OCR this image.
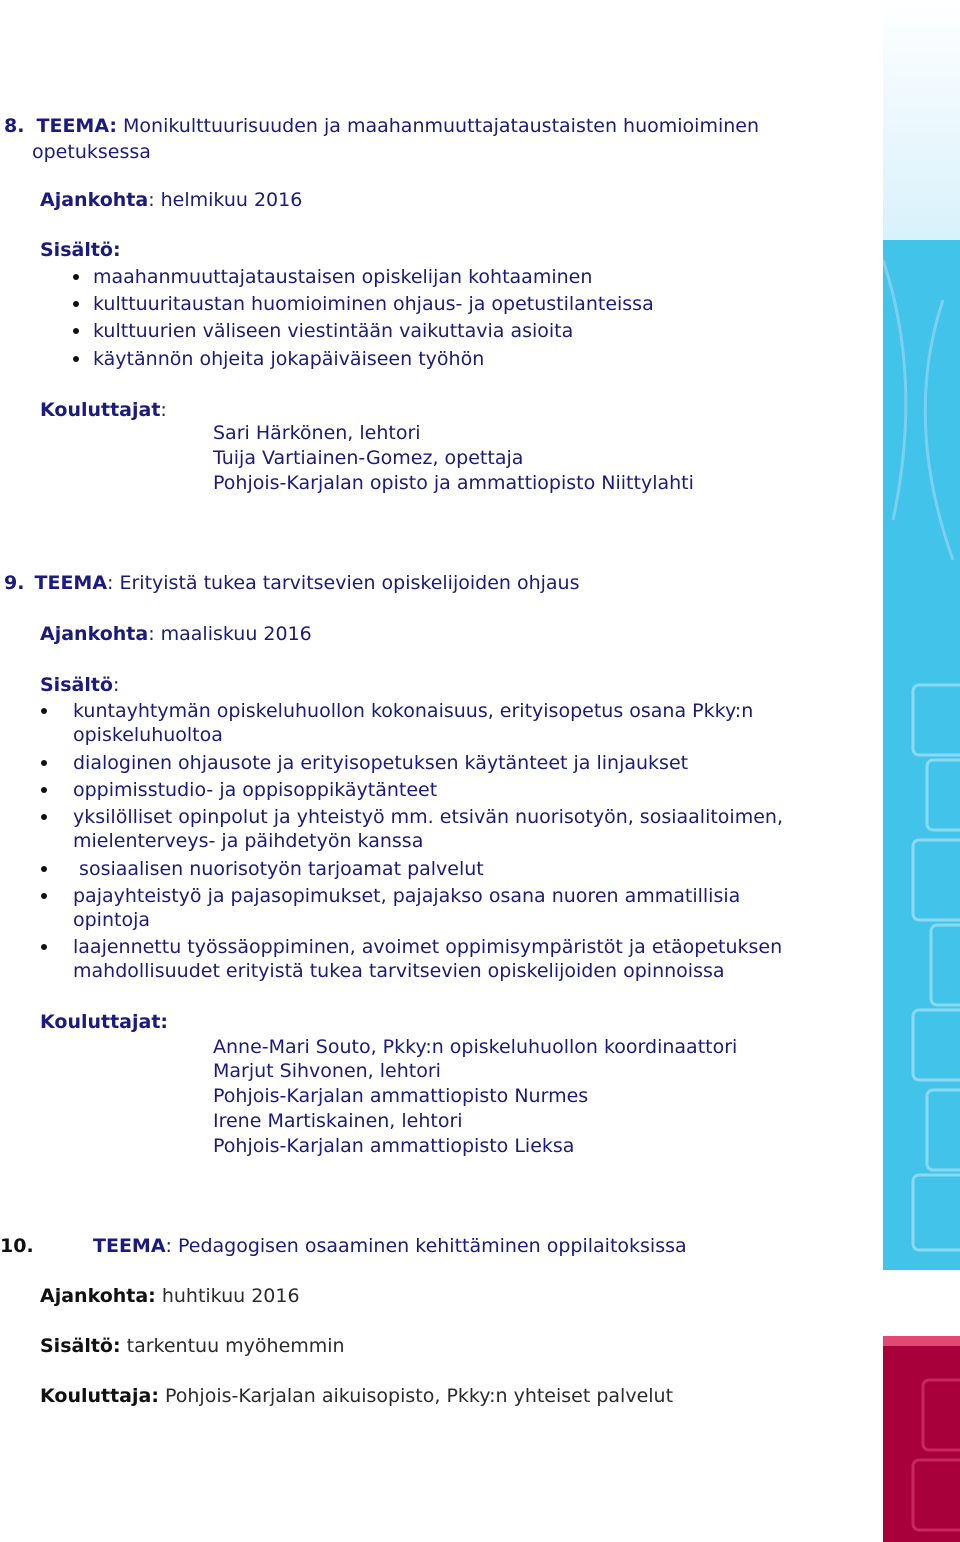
8. TEEMA: Monikulttuurisuuden ja maahanmuuttajataustaisten huomioiminen
opetuksessa
Ajankohta: helmikuu 2016
Sisältö:
maahanmuuttajataustaisen opiskelijan kohtaaminen
kulttuuritaustan huomioiminen ohjaus- ja opetustilanteissa
kulttuurien väliseen viestintään vaikuttavia asioita
käytännön ohjeita jokapäiväiseen työhön
Kouluttajat:
Sari Härkönen, lehtori
Tuija Vartiainen-Gomez, opettaja
Pohjois-Karjalan opisto ja ammattiopisto Niittylahti
9. TEEMA: Erityistä tukea tarvitsevien opiskelijoiden ohjaus
Ajankohta: maaliskuu 2016
Sisältö:
kuntayhtymän opiskeluhuollon kokonaisuus, erityisopetus osana Pkky:n
opiskeluhuoltoa
dialoginen ohjausote ja erityisopetuksen käytänteet ja linjaukset
oppimisstudio- ja oppisoppikäytänteet
yksilölliset opinpolut ja yhteistyö mm. etsivän nuorisotyön, sosiaalitoimen,
mielenterveys- ja päihdetyön kanssa
sosiaalisen nuorisotyön tarjoamat palvelut
pajayhteistyö ja pajasopimukset, pajajakso osana nuoren ammatillisia
opintoja
laajennettu työssäoppiminen, avoimet oppimisympäristöt ja etäopetuksen
mahdollisuudet erityistä tukea tarvitsevien opiskelijoiden opinnoissa
Kouluttajat:
Anne-Mari Souto, Pkky:n opiskeluhuollon koordinaattori
Marjut Sihvonen, lehtori
Pohjois-Karjalan ammattiopisto Nurmes
Irene Martiskainen, lehtori
Pohjois-Karjalan ammattiopisto Lieksa
10.	TEEMA: Pedagogisen osaaminen kehittäminen oppilaitoksissa
Ajankohta: huhtikuu 2016
Sisältö: tarkentuu myöhemmin
Kouluttaja: Pohjois-Karjalan aikuisopisto, Pkky:n yhteiset palvelut
